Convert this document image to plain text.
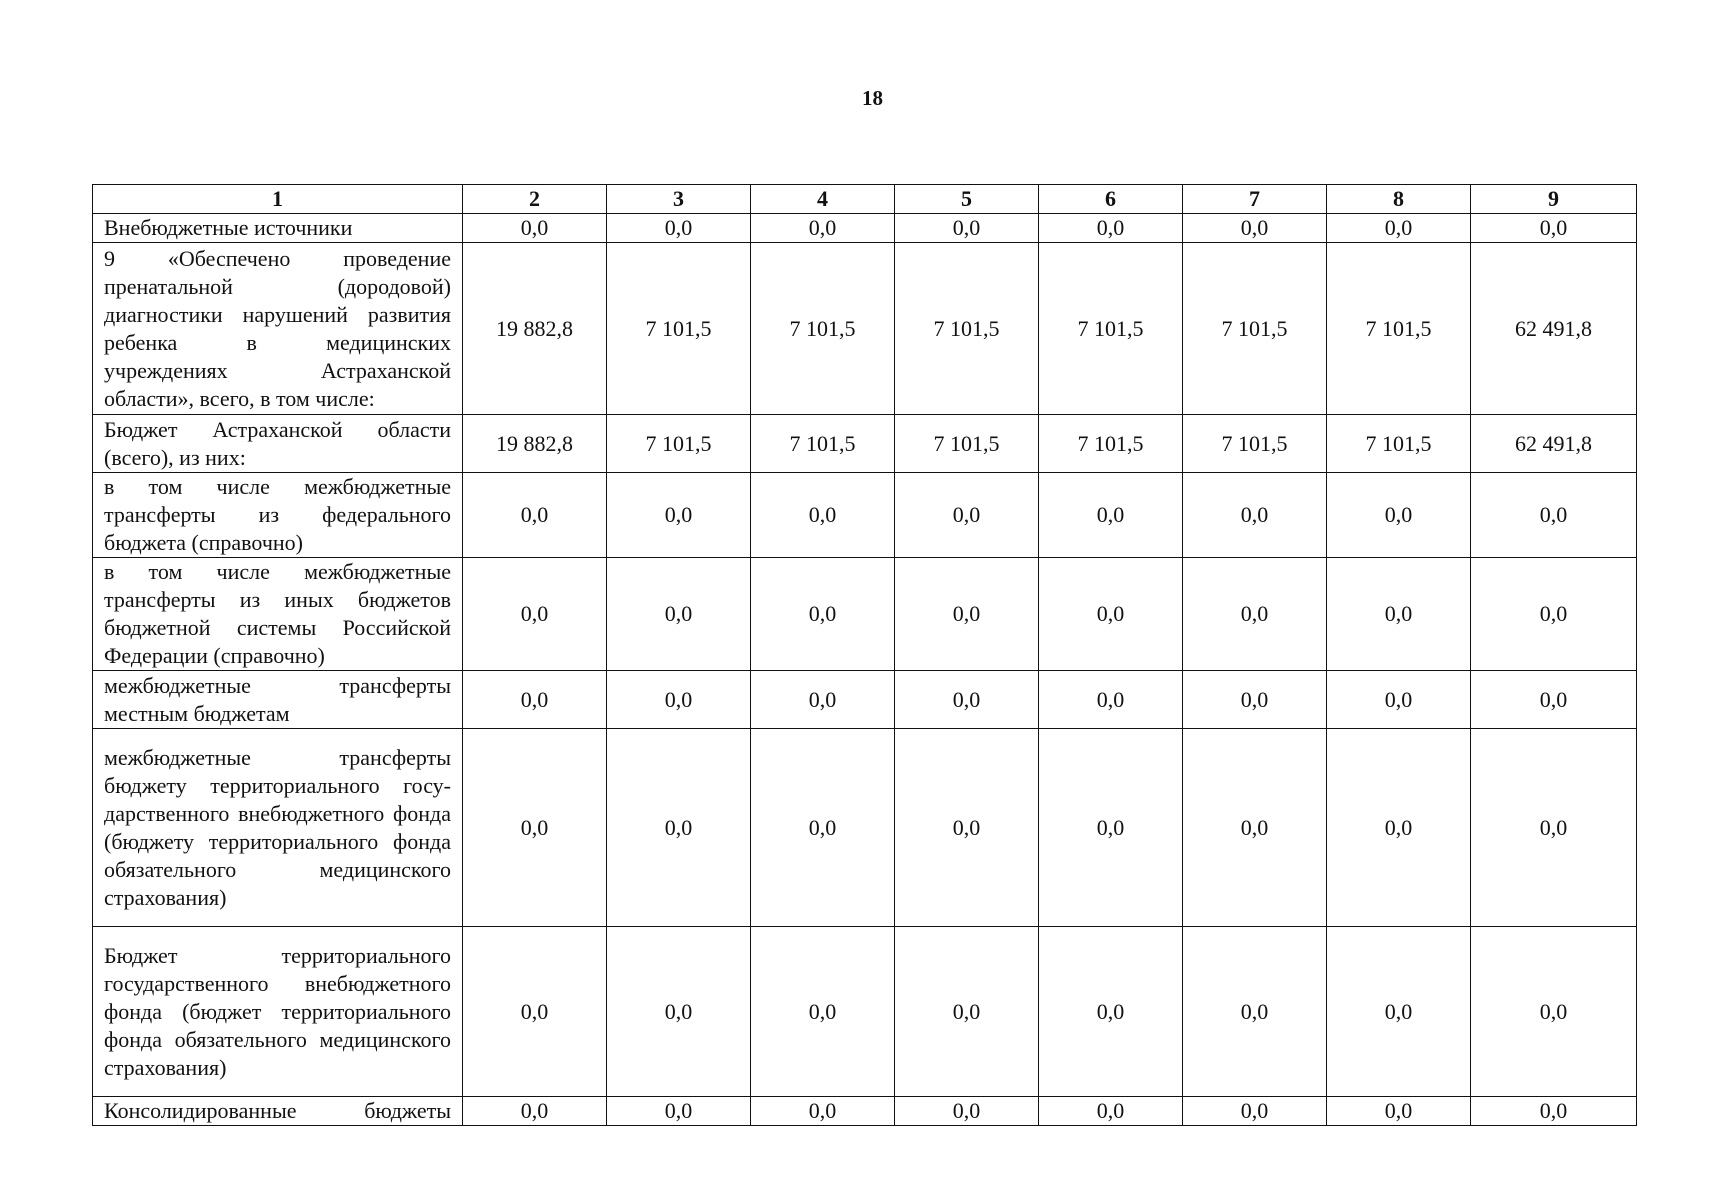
18
1	2	3	4	5	6	7	8	9
Внебюджетные источники	0,0	0,0	0,0	0,0	0,0	0,0	0,0	0,0
9 «Обеспечено проведение пренатальной (дородовой) диагностики нарушений развития ребенка в медицинских учреждениях Астраханской области», всего, в том числе:	19 882,8	7 101,5	7 101,5	7 101,5	7 101,5	7 101,5	7 101,5	62 491,8
Бюджет Астраханской области (всего), из них:	19 882,8	7 101,5	7 101,5	7 101,5	7 101,5	7 101,5	7 101,5	62 491,8
в том числе межбюджетные трансферты из федерального бюджета (справочно)	0,0	0,0	0,0	0,0	0,0	0,0	0,0	0,0
в том числе межбюджетные трансферты из иных бюджетов бюджетной системы Российской Федерации (справочно)	0,0	0,0	0,0	0,0	0,0	0,0	0,0	0,0
межбюджетные трансферты местным бюджетам	0,0	0,0	0,0	0,0	0,0	0,0	0,0	0,0
межбюджетные трансферты бюджету территориального госу-дарственного внебюджетного фонда (бюджету территориального фонда обязательного медицинского страхования)	0,0	0,0	0,0	0,0	0,0	0,0	0,0	0,0
Бюджет территориального государственного внебюджетного фонда (бюджет территориального фонда обязательного медицинского страхования)	0,0	0,0	0,0	0,0	0,0	0,0	0,0	0,0
Консолидированные бюджеты	0,0	0,0	0,0	0,0	0,0	0,0	0,0	0,0
